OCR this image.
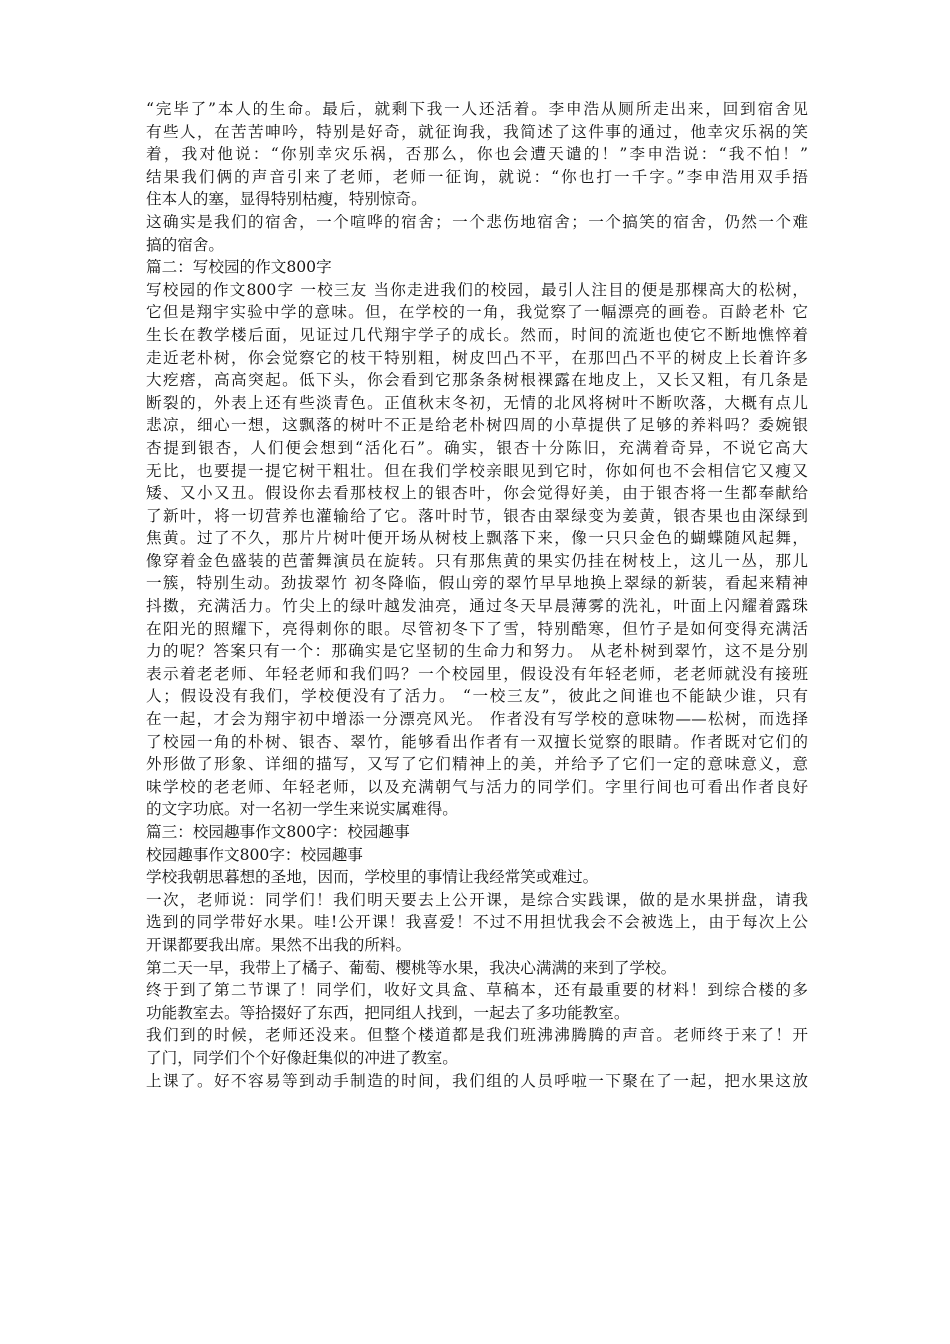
“完毕了”本人的生命。最后，就剩下我一人还活着。李申浩从厕所走出来，回到宿舍见
有些人，在苦苦呻吟，特别是好奇，就征询我，我简述了这件事的通过，他幸灾乐祸的笑
着，我对他说：“你别幸灾乐祸，否那么，你也会遭天谴的！”李申浩说：“我不怕！”
结果我们俩的声音引来了老师，老师一征询，就说：“你也打一千字。”李申浩用双手捂
住本人的塞，显得特别枯瘦，特别惊奇。
这确实是我们的宿舍，一个喧哗的宿舍；一个悲伤地宿舍；一个搞笑的宿舍，仍然一个难
搞的宿舍。
篇二：写校园的作文800字
写校园的作文800字 一校三友 当你走进我们的校园，最引人注目的便是那棵高大的松树，
它但是翔宇实验中学的意味。但，在学校的一角，我觉察了一幅漂亮的画卷。百龄老朴 它
生长在教学楼后面，见证过几代翔宇学子的成长。然而，时间的流逝也使它不断地憔悴着
走近老朴树，你会觉察它的枝干特别粗，树皮凹凸不平，在那凹凸不平的树皮上长着许多
大疙瘩，高高突起。低下头，你会看到它那条条树根裸露在地皮上，又长又粗，有几条是
断裂的，外表上还有些淡青色。正值秋末冬初，无情的北风将树叶不断吹落，大概有点儿
悲凉，细心一想，这飘落的树叶不正是给老朴树四周的小草提供了足够的养料吗？委婉银
杏提到银杏，人们便会想到“活化石”。确实，银杏十分陈旧，充满着奇异，不说它高大
无比，也要提一提它树干粗壮。但在我们学校亲眼见到它时，你如何也不会相信它又瘦又
矮、又小又丑。假设你去看那枝杈上的银杏叶，你会觉得好美，由于银杏将一生都奉献给
了新叶，将一切营养也灌输给了它。落叶时节，银杏由翠绿变为姜黄，银杏果也由深绿到
焦黄。过了不久，那片片树叶便开场从树枝上飘落下来，像一只只金色的蝴蝶随风起舞，
像穿着金色盛装的芭蕾舞演员在旋转。只有那焦黄的果实仍挂在树枝上，这儿一丛，那儿
一簇，特别生动。劲拔翠竹 初冬降临，假山旁的翠竹早早地换上翠绿的新装，看起来精神
抖擞，充满活力。竹尖上的绿叶越发油亮，通过冬天早晨薄雾的洗礼，叶面上闪耀着露珠
在阳光的照耀下，亮得刺你的眼。尽管初冬下了雪，特别酷寒，但竹子是如何变得充满活
力的呢？答案只有一个：那确实是它坚韧的生命力和努力。 从老朴树到翠竹，这不是分别
表示着老老师、年轻老师和我们吗？一个校园里，假设没有年轻老师，老老师就没有接班
人；假设没有我们，学校便没有了活力。 “一校三友”，彼此之间谁也不能缺少谁，只有
在一起，才会为翔宇初中增添一分漂亮风光。 作者没有写学校的意味物——松树，而选择
了校园一角的朴树、银杏、翠竹，能够看出作者有一双擅长觉察的眼睛。作者既对它们的
外形做了形象、详细的描写，又写了它们精神上的美，并给予了它们一定的意味意义，意
味学校的老老师、年轻老师，以及充满朝气与活力的同学们。字里行间也可看出作者良好
的文字功底。对一名初一学生来说实属难得。
篇三：校园趣事作文800字：校园趣事
校园趣事作文800字：校园趣事
学校我朝思暮想的圣地，因而，学校里的事情让我经常笑或难过。
一次，老师说：同学们！我们明天要去上公开课，是综合实践课，做的是水果拼盘，请我
选到的同学带好水果。哇!公开课！我喜爱！不过不用担忧我会不会被选上，由于每次上公
开课都要我出席。果然不出我的所料。
第二天一早，我带上了橘子、葡萄、樱桃等水果，我决心满满的来到了学校。
终于到了第二节课了！同学们，收好文具盒、草稿本，还有最重要的材料！到综合楼的多
功能教室去。等拾掇好了东西，把同组人找到，一起去了多功能教室。
我们到的时候，老师还没来。但整个楼道都是我们班沸沸腾腾的声音。老师终于来了！开
了门，同学们个个好像赶集似的冲进了教室。
上课了。好不容易等到动手制造的时间，我们组的人员呼啦一下聚在了一起，把水果这放
